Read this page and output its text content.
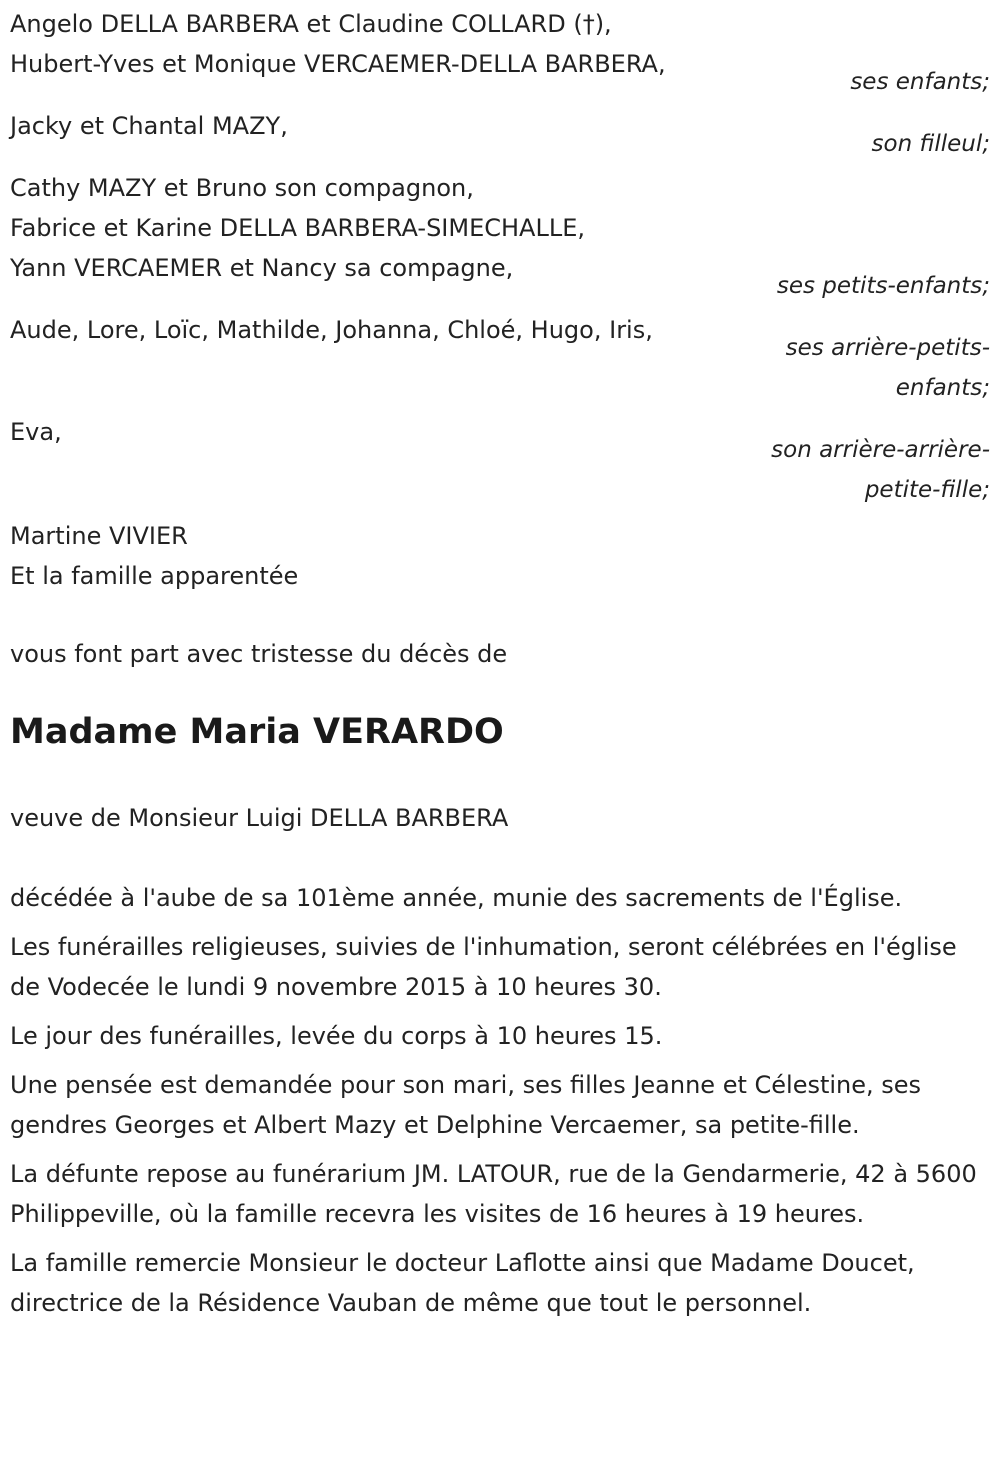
Angelo DELLA BARBERA et Claudine COLLARD (†),
Hubert-Yves et Monique VERCAEMER-DELLA BARBERA,
ses enfants;
Jacky et Chantal MAZY,
son filleul;
Cathy MAZY et Bruno son compagnon,
Fabrice et Karine DELLA BARBERA-SIMECHALLE,
Yann VERCAEMER et Nancy sa compagne,
ses petits-enfants;
Aude, Lore, Loïc, Mathilde, Johanna, Chloé, Hugo, Iris,
ses arrière-petits-
enfants;
Eva,
son arrière-arrière-
petite-fille;
Martine VIVIER
Et la famille apparentée
vous font part avec tristesse du décès de
Madame Maria VERARDO
veuve de Monsieur Luigi DELLA BARBERA
décédée à l'aube de sa 101ème année, munie des sacrements de l'Église.
Les funérailles religieuses, suivies de l'inhumation, seront célébrées en l'église de Vodecée le lundi 9 novembre 2015 à 10 heures 30.
Le jour des funérailles, levée du corps à 10 heures 15.
Une pensée est demandée pour son mari, ses filles Jeanne et Célestine, ses gendres Georges et Albert Mazy et Delphine Vercaemer, sa petite-fille.
La défunte repose au funérarium JM. LATOUR, rue de la Gendarmerie, 42 à 5600 Philippeville, où la famille recevra les visites de 16 heures à 19 heures.
La famille remercie Monsieur le docteur Laflotte ainsi que Madame Doucet, directrice de la Résidence Vauban de même que tout le personnel.
